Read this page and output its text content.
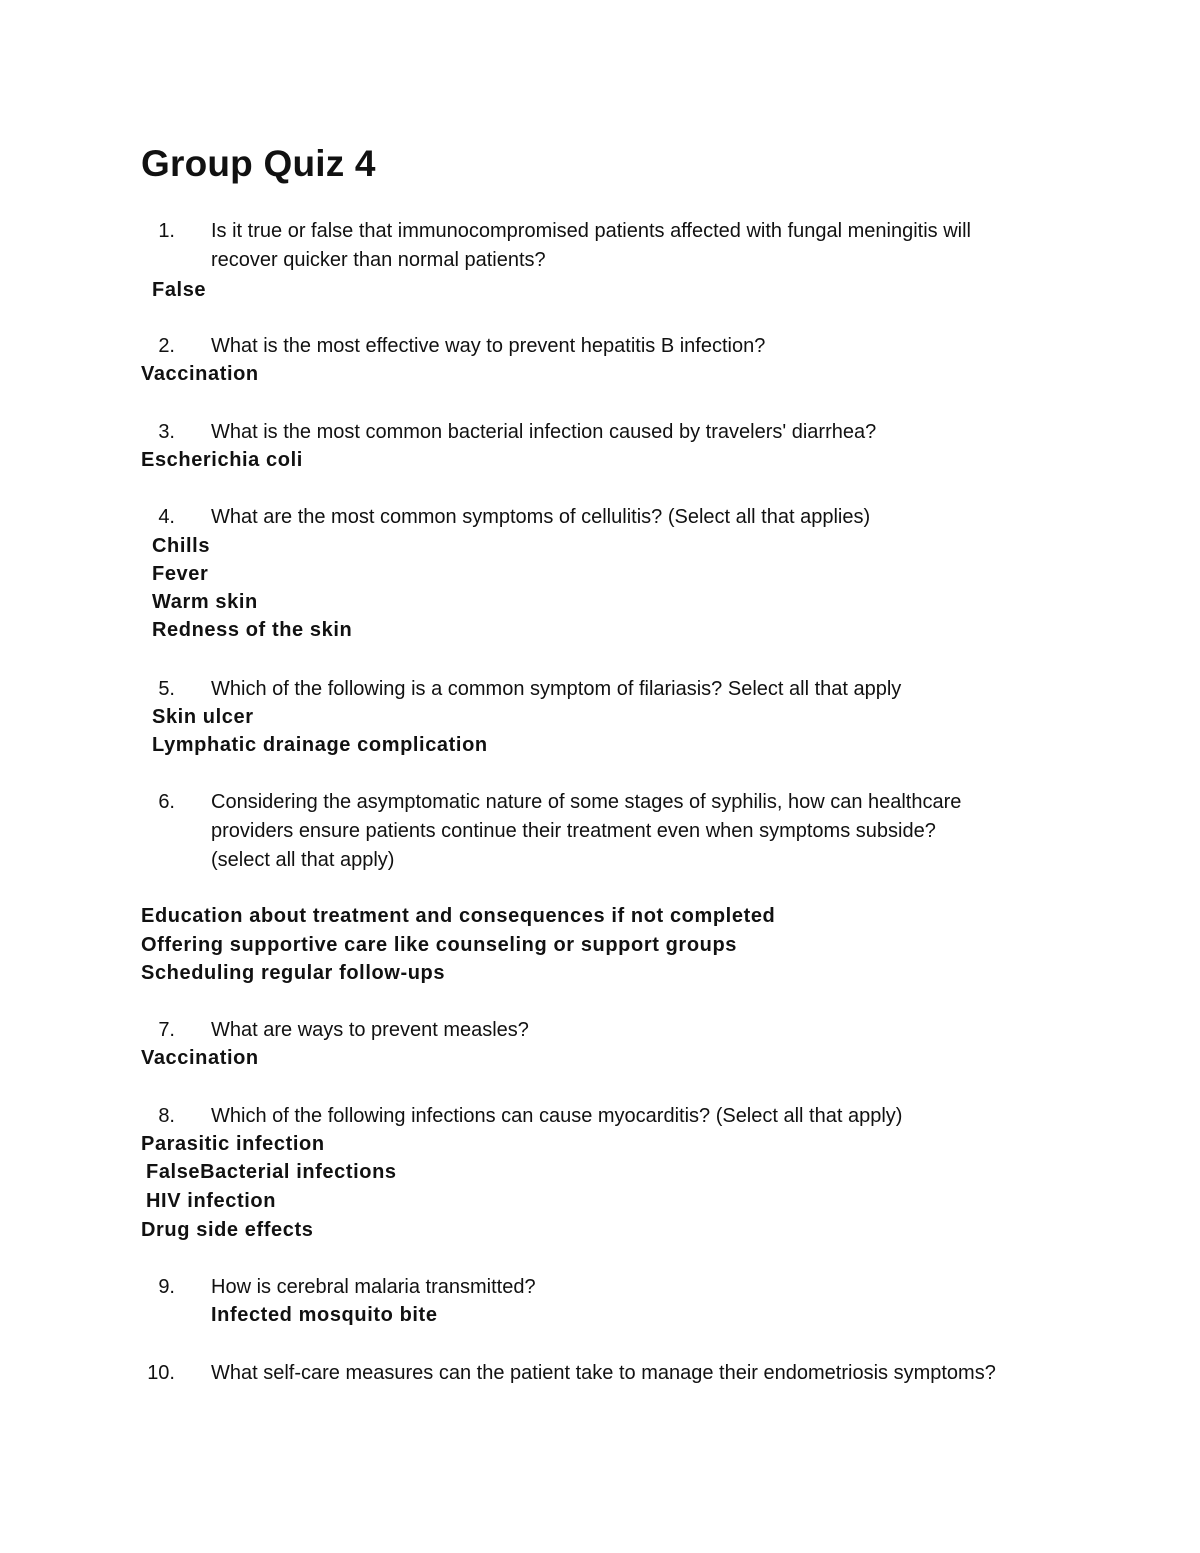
Group Quiz 4
1. Is it true or false that immunocompromised patients affected with fungal meningitis will
recover quicker than normal patients?
False
2. What is the most effective way to prevent hepatitis B infection?
Vaccination
3. What is the most common bacterial infection caused by travelers' diarrhea?
Escherichia coli
4. What are the most common symptoms of cellulitis? (Select all that applies)
Chills
Fever
Warm skin
Redness of the skin
5. Which of the following is a common symptom of filariasis? Select all that apply
Skin ulcer
Lymphatic drainage complication
6. Considering the asymptomatic nature of some stages of syphilis, how can healthcare
providers ensure patients continue their treatment even when symptoms subside?
(select all that apply)
Education about treatment and consequences if not completed
Offering supportive care like counseling or support groups
Scheduling regular follow-ups
7. What are ways to prevent measles?
Vaccination
8. Which of the following infections can cause myocarditis? (Select all that apply)
Parasitic infection
FalseBacterial infections
HIV infection
Drug side effects
9. How is cerebral malaria transmitted?
Infected mosquito bite
10. What self-care measures can the patient take to manage their endometriosis symptoms?
